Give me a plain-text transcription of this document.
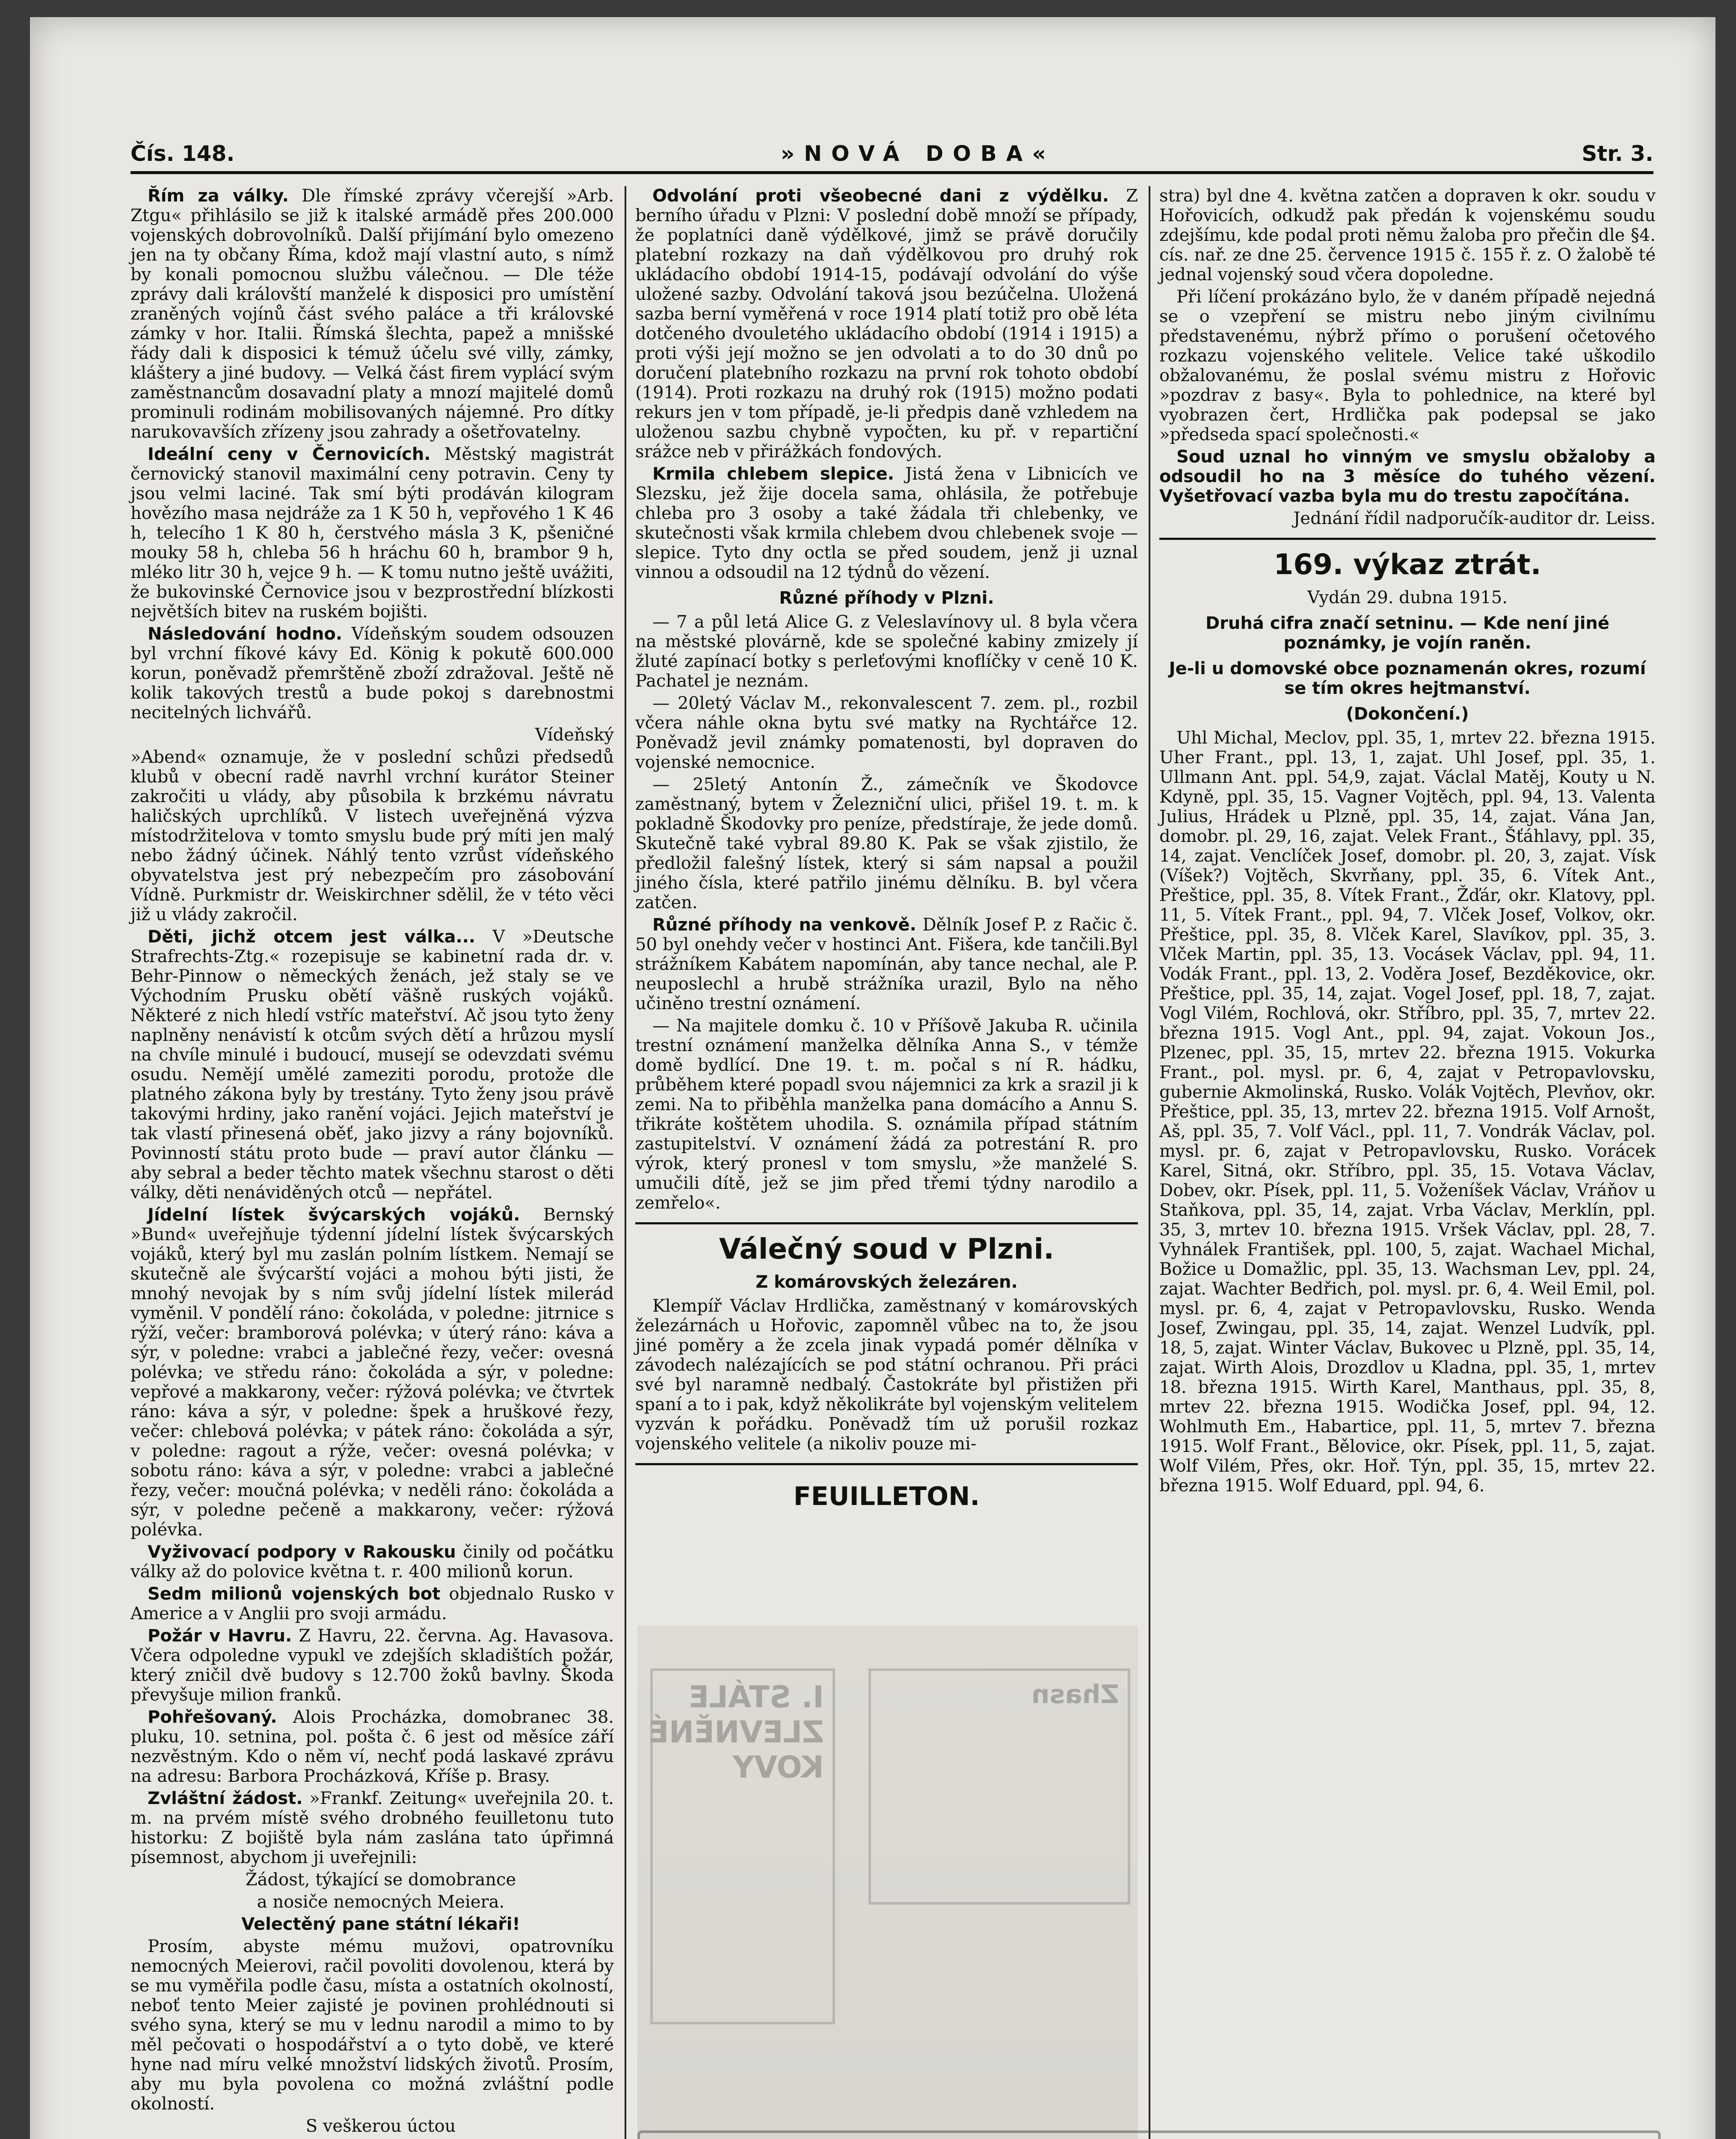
Čís. 148.	»NOVÁ DOBA«	Str. 3.

Řím za války. Dle římské zprávy včerejší »Arb. Ztgu« přihlásilo se již k italské armádě přes 200.000 vojenských dobrovolníků. Další přijímání bylo omezeno jen na ty občany Říma, kdož mají vlastní auto, s nímž by konali pomocnou službu válečnou. — Dle téže zprávy dali královští manželé k disposici pro umístění zraněných vojínů část svého paláce a tři královské zámky v hor. Italii. Římská šlechta, papež a mnišské řády dali k disposici k témuž účelu své villy, zámky, kláštery a jiné budovy. — Velká část firem vyplácí svým zaměstnancům dosavadní platy a mnozí majitelé domů prominuli rodinám mobilisovaných nájemné. Pro dítky narukovavších zřízeny jsou zahrady a ošetřovatelny.

Ideální ceny v Černovicích. Městský magistrát černovický stanovil maximální ceny potravin. Ceny ty jsou velmi laciné. Tak smí býti prodáván kilogram hovězího masa nejdráže za 1 K 50 h, vepřového 1 K 46 h, telecího 1 K 80 h, čerstvého másla 3 K, pšeničné mouky 58 h, chleba 56 h hráchu 60 h, brambor 9 h, mléko litr 30 h, vejce 9 h. — K tomu nutno ještě uvážiti, že bukovinské Černovice jsou v bezprostřední blízkosti největších bitev na ruském bojišti.

Následování hodno. Vídeňským soudem odsouzen byl vrchní fíkové kávy Ed. König k pokutě 600.000 korun, poněvadž přemrštěně zboží zdražoval. Ještě ně kolik takových trestů a bude pokoj s darebnostmi necitelných lichvářů.

Vídeňský

»Abend« oznamuje, že v poslední schůzi předsedů klubů v obecní radě navrhl vrchní kurátor Steiner zakročiti u vlády, aby působila k brzkému návratu haličských uprchlíků. V listech uveřejněná výzva místodržitelova v tomto smyslu bude prý míti jen malý nebo žádný účinek. Náhlý tento vzrůst vídeňského obyvatelstva jest prý nebezpečím pro zásobování Vídně. Purkmistr dr. Weiskirchner sdělil, že v této věci již u vlády zakročil.

Děti, jichž otcem jest válka... V »Deutsche Strafrechts-Ztg.« rozepisuje se kabinetní rada dr. v. Behr-Pinnow o německých ženách, jež staly se ve Východním Prusku obětí väšně ruských vojáků. Některé z nich hledí vstříc mateřství. Ač jsou tyto ženy naplněny nenávistí k otcům svých dětí a hrůzou myslí na chvíle minulé i budoucí, musejí se odevzdati svému osudu. Nemějí umělé zameziti porodu, protože dle platného zákona byly by trestány. Tyto ženy jsou právě takovými hrdiny, jako ranění vojáci. Jejich mateřství je tak vlastí přinesená oběť, jako jizvy a rány bojovníků. Povinností státu proto bude — praví autor článku — aby sebral a beder těchto matek všechnu starost o děti války, děti nenáviděných otců — nepřátel.

Jídelní lístek švýcarských vojáků. Bernský »Bund« uveřejňuje týdenní jídelní lístek švýcarských vojáků, který byl mu zaslán polním lístkem. Nemají se skutečně ale švýcarští vojáci a mohou býti jisti, že mnohý nevojak by s ním svůj jídelní lístek milerád vyměnil. V pondělí ráno: čokoláda, v poledne: jitrnice s rýží, večer: bramborová polévka; v úterý ráno: káva a sýr, v poledne: vrabci a jablečné řezy, večer: ovesná polévka; ve středu ráno: čokoláda a sýr, v poledne: vepřové a makkarony, večer: rýžová polévka; ve čtvrtek ráno: káva a sýr, v poledne: špek a hruškové řezy, večer: chlebová polévka; v pátek ráno: čokoláda a sýr, v poledne: ragout a rýže, večer: ovesná polévka; v sobotu ráno: káva a sýr, v poledne: vrabci a jablečné řezy, večer: moučná polévka; v neděli ráno: čokoláda a sýr, v poledne pečeně a makkarony, večer: rýžová polévka.

Vyživovací podpory v Rakousku činily od počátku války až do polovice května t. r. 400 milionů korun.

Sedm milionů vojenských bot objednalo Rusko v Americe a v Anglii pro svoji armádu.

Požár v Havru. Z Havru, 22. června. Ag. Havasova. Včera odpoledne vypukl ve zdejších skladištích požár, který zničil dvě budovy s 12.700 žoků bavlny. Škoda převyšuje milion franků.

Pohřešovaný. Alois Procházka, domobranec 38. pluku, 10. setnina, pol. pošta č. 6 jest od měsíce září nezvěstným. Kdo o něm ví, nechť podá laskavé zprávu na adresu: Barbora Procházková, Kříše p. Brasy.

Zvláštní žádost. »Frankf. Zeitung« uveřejnila 20. t. m. na prvém místě svého drobného feuilletonu tuto historku: Z bojiště byla nám zaslána tato úpřimná písemnost, abychom ji uveřejnili:

Žádost, týkající se domobrance

a nosiče nemocných Meiera.

Velectěný pane státní lékaři!

Prosím, abyste mému mužovi, opatrovníku nemocných Meierovi, račil povoliti dovolenou, která by se mu vyměřila podle času, místa a ostatních okolností, neboť tento Meier zajisté je povinen prohlédnouti si svého syna, který se mu v lednu narodil a mimo to by měl pečovati o hospodářství a o tyto době, ve které hyne nad míru velké množství lidských životů. Prosím, aby mu byla povolena co možná zvláštní podle okolností.

S veškerou úctou

Odvolání proti všeobecné dani z výdělku. Z berního úřadu v Plzni: V poslední době množí se případy, že poplatníci daně výdělkové, jimž se právě doručily platební rozkazy na daň výdělkovou pro druhý rok ukládacího období 1914-15, podávají odvolání do výše uložené sazby. Odvolání taková jsou bezúčelna. Uložená sazba berní vyměřená v roce 1914 platí totiž pro obě léta dotčeného dvouletého ukládacího období (1914 i 1915) a proti výši její možno se jen odvolati a to do 30 dnů po doručení platebního rozkazu na první rok tohoto období (1914). Proti rozkazu na druhý rok (1915) možno podati rekurs jen v tom případě, je-li předpis daně vzhledem na uloženou sazbu chybně vypočten, ku př. v repartiční srážce neb v přirážkách fondových.

Krmila chlebem slepice. Jistá žena v Libnicích ve Slezsku, jež žije docela sama, ohlásila, že potřebuje chleba pro 3 osoby a také žádala tři chlebenky, ve skutečnosti však krmila chlebem dvou chlebenek svoje — slepice. Tyto dny octla se před soudem, jenž ji uznal vinnou a odsoudil na 12 týdnů do vězení.

Různé příhody v Plzni.

— 7 a půl letá Alice G. z Veleslavínovy ul. 8 byla včera na městské plovárně, kde se společné kabiny zmizely jí žluté zapínací botky s perleťovými knoflíčky v ceně 10 K. Pachatel je neznám.

— 20letý Václav M., rekonvalescent 7. zem. pl., rozbil včera náhle okna bytu své matky na Rychtářce 12. Poněvadž jevil známky pomatenosti, byl dopraven do vojenské nemocnice.

— 25letý Antonín Ž., zámečník ve Škodovce zaměstnaný, bytem v Železniční ulici, přišel 19. t. m. k pokladně Škodovky pro peníze, předstíraje, že jede domů. Skutečně také vybral 89.80 K. Pak se však zjistilo, že předložil falešný lístek, který si sám napsal a použil jiného čísla, které patřilo jinému dělníku. B. byl včera zatčen.

Různé příhody na venkově. Dělník Josef P. z Račic č. 50 byl onehdy večer v hostinci Ant. Fišera, kde tančili.Byl strážníkem Kabátem napomínán, aby tance nechal, ale P. neuposlechl a hrubě strážníka urazil, Bylo na něho učiněno trestní oznámení.

— Na majitele domku č. 10 v Příšově Jakuba R. učinila trestní oznámení manželka dělníka Anna S., v témže domě bydlící. Dne 19. t. m. počal s ní R. hádku, průběhem které popadl svou nájemnici za krk a srazil ji k zemi. Na to přiběhla manželka pana domácího a Annu S. třikráte koštětem uhodila. S. oznámila případ státním zastupitelství. V oznámení žádá za potrestání R. pro výrok, který pronesl v tom smyslu, »že manželé S. umučili dítě, jež se jim před třemi týdny narodilo a zemřelo«.

Válečný soud v Plzni.

Z komárovských železáren.

Klempíř Václav Hrdlička, zaměstnaný v komárovských železárnách u Hořovic, zapomněl vůbec na to, že jsou jiné poměry a že zcela jinak vypadá pomér dělníka v závodech nalézajících se pod státní ochranou. Při práci své byl naramně nedbalý. Častokráte byl přistižen při spaní a to i pak, když několikráte byl vojenským velitelem vyzván k pořádku. Poněvadž tím už porušil rozkaz vojenského velitele (a nikoliv pouze mi-

FEUILLETON.

stra) byl dne 4. května zatčen a dopraven k okr. soudu v Hořovicích, odkudž pak předán k vojenskému soudu zdejšímu, kde podal proti němu žaloba pro přečin dle §4. cís. nař. ze dne 25. července 1915 č. 155 ř. z. O žalobě té jednal vojenský soud včera dopoledne.

Při líčení prokázáno bylo, že v daném případě nejedná se o vzepření se mistru nebo jiným civilnímu představenému, nýbrž přímo o porušení očetového rozkazu vojenského velitele. Velice také uškodilo obžalovanému, že poslal svému mistru z Hořovic »pozdrav z basy«. Byla to pohlednice, na které byl vyobrazen čert, Hrdlička pak podepsal se jako »předseda spací společnosti.«

Soud uznal ho vinným ve smyslu obžaloby a odsoudil ho na 3 měsíce do tuhého vězení. Vyšetřovací vazba byla mu do trestu započítána.

Jednání řídil nadporučík-auditor dr. Leiss.

169. výkaz ztrát.

Vydán 29. dubna 1915.

Druhá cifra značí setninu. — Kde není jiné poznámky, je vojín raněn.

Je-li u domovské obce poznamenán okres, rozumí se tím okres hejtmanství.

(Dokončení.)

Uhl Michal, Meclov, ppl. 35, 1, mrtev 22. března 1915. Uher Frant., ppl. 13, 1, zajat. Uhl Josef, ppl. 35, 1. Ullmann Ant. ppl. 54,9, zajat. Václal Matěj, Kouty u N. Kdyně, ppl. 35, 15. Vagner Vojtěch, ppl. 94, 13. Valenta Julius, Hrádek u Plzně, ppl. 35, 14, zajat. Vána Jan, domobr. pl. 29, 16, zajat. Velek Frant., Šťáhlavy, ppl. 35, 14, zajat. Venclíček Josef, domobr. pl. 20, 3, zajat. Vísk (Víšek?) Vojtěch, Skvrňany, ppl. 35, 6. Vítek Ant., Přeštice, ppl. 35, 8. Vítek Frant., Žďár, okr. Klatovy, ppl. 11, 5. Vítek Frant., ppl. 94, 7. Vlček Josef, Volkov, okr. Přeštice, ppl. 35, 8. Vlček Karel, Slavíkov, ppl. 35, 3. Vlček Martin, ppl. 35, 13. Vocásek Václav, ppl. 94, 11. Vodák Frant., ppl. 13, 2. Voděra Josef, Bezděkovice, okr. Přeštice, ppl. 35, 14, zajat. Vogel Josef, ppl. 18, 7, zajat. Vogl Vilém, Rochlová, okr. Stříbro, ppl. 35, 7, mrtev 22. března 1915. Vogl Ant., ppl. 94, zajat. Vokoun Jos., Plzenec, ppl. 35, 15, mrtev 22. března 1915. Vokurka Frant., pol. mysl. pr. 6, 4, zajat v Petropavlovsku, gubernie Akmolinská, Rusko. Volák Vojtěch, Plevňov, okr. Přeštice, ppl. 35, 13, mrtev 22. března 1915. Volf Arnošt, Aš, ppl. 35, 7. Volf Václ., ppl. 11, 7. Vondrák Václav, pol. mysl. pr. 6, zajat v Petropavlovsku, Rusko. Vorácek Karel, Sitná, okr. Stříbro, ppl. 35, 15. Votava Václav, Dobev, okr. Písek, ppl. 11, 5. Voženíšek Václav, Vráňov u Staňkova, ppl. 35, 14, zajat. Vrba Václav, Merklín, ppl. 35, 3, mrtev 10. března 1915. Vršek Václav, ppl. 28, 7. Vyhnálek František, ppl. 100, 5, zajat. Wachael Michal, Božice u Domažlic, ppl. 35, 13. Wachsman Lev, ppl. 24, zajat. Wachter Bedřich, pol. mysl. pr. 6, 4. Weil Emil, pol. mysl. pr. 6, 4, zajat v Petropavlovsku, Rusko. Wenda Josef, Zwingau, ppl. 35, 14, zajat. Wenzel Ludvík, ppl. 18, 5, zajat. Winter Václav, Bukovec u Plzně, ppl. 35, 14, zajat. Wirth Alois, Drozdlov u Kladna, ppl. 35, 1, mrtev 18. března 1915. Wirth Karel, Manthaus, ppl. 35, 8, mrtev 22. března 1915. Wodička Josef, ppl. 94, 12. Wohlmuth Em., Habartice, ppl. 11, 5, mrtev 7. března 1915. Wolf Frant., Bělovice, okr. Písek, ppl. 11, 5, zajat. Wolf Vilém, Přes, okr. Hoř. Týn, ppl. 35, 15, mrtev 22. března 1915. Wolf Eduard, ppl. 94, 6.

I. STÁLE ZLEVNĚNÉ KOVY
Zhasn
